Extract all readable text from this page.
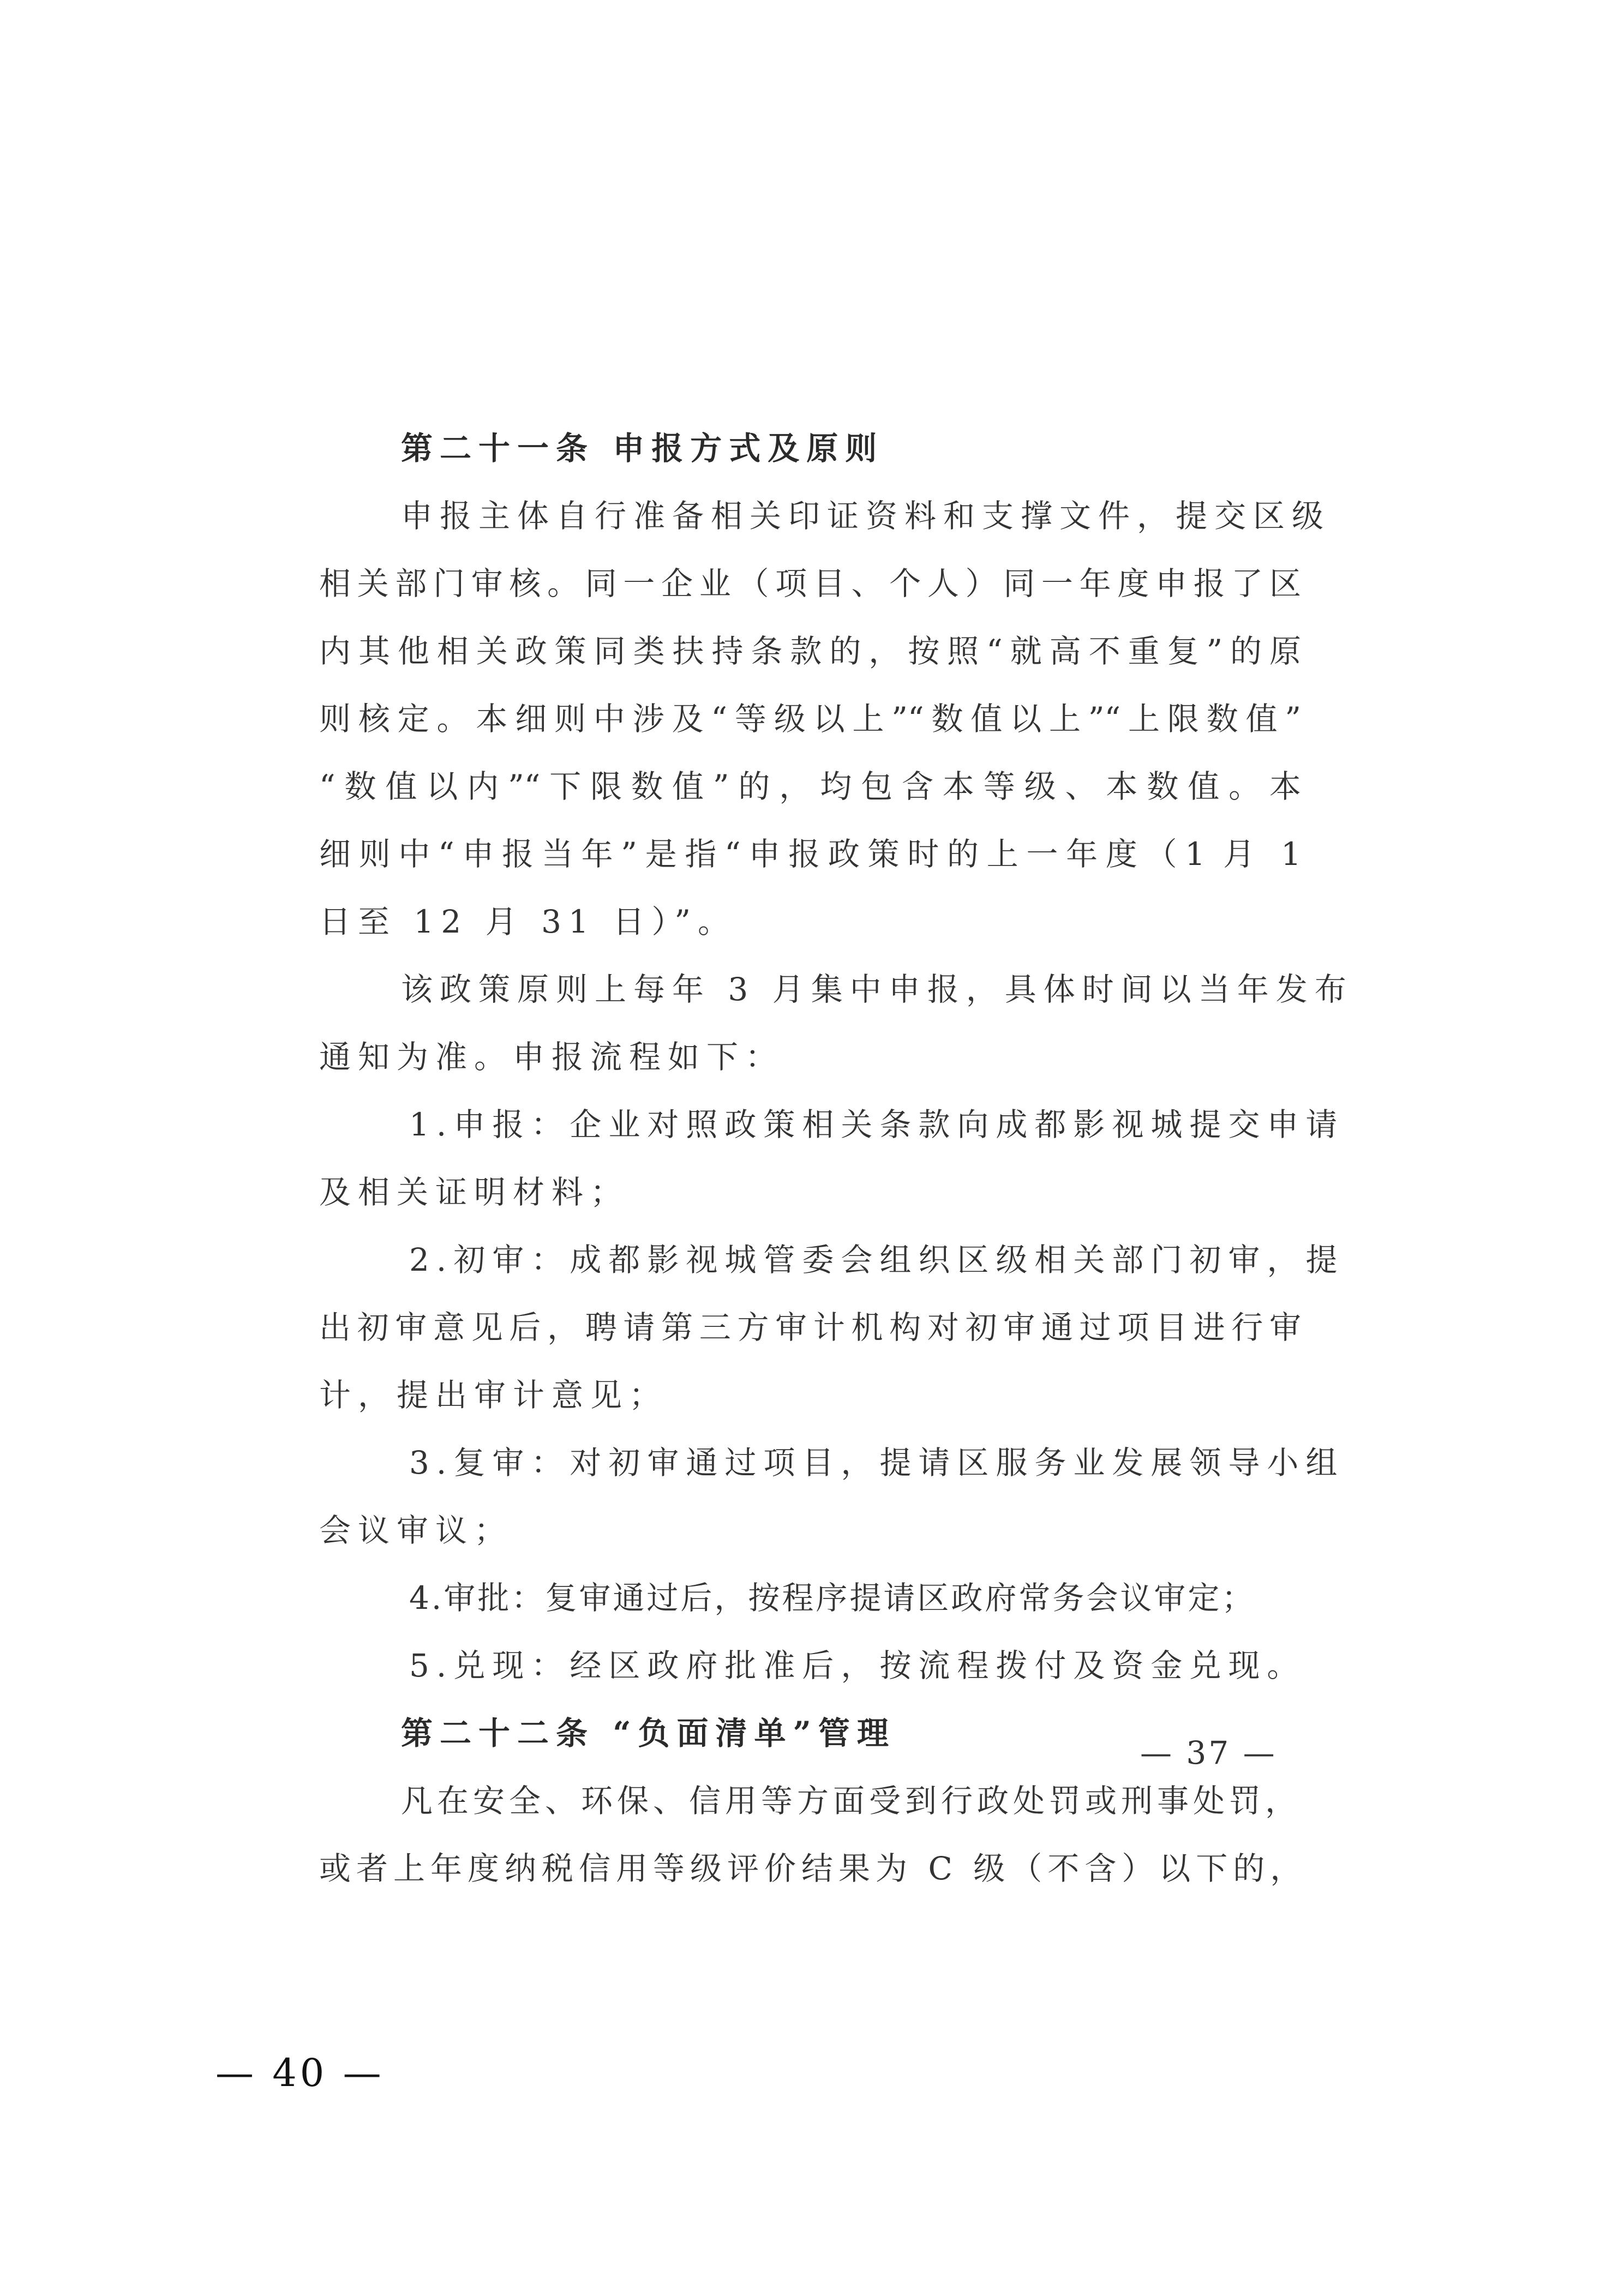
第二十一条 申报方式及原则
申报主体自行准备相关印证资料和支撑文件，提交区级
相关部门审核。同一企业（项目、个人）同一年度申报了区
内其他相关政策同类扶持条款的，按照“就高不重复”的原
则核定。本细则中涉及“等级以上”“数值以上”“上限数值”
“数值以内”“下限数值”的，均包含本等级、本数值。本
细则中“申报当年”是指“申报政策时的上一年度（1 月 1
日至 12 月 31 日）”。
该政策原则上每年 3 月集中申报，具体时间以当年发布
通知为准。申报流程如下：
1.申报：企业对照政策相关条款向成都影视城提交申请
及相关证明材料；
2.初审：成都影视城管委会组织区级相关部门初审，提
出初审意见后，聘请第三方审计机构对初审通过项目进行审
计，提出审计意见；
3.复审：对初审通过项目，提请区服务业发展领导小组
会议审议；
4.审批：复审通过后，按程序提请区政府常务会议审定；
5.兑现：经区政府批准后，按流程拨付及资金兑现。
第二十二条 “负面清单”管理
凡在安全、环保、信用等方面受到行政处罚或刑事处罚，
或者上年度纳税信用等级评价结果为 C 级（不含）以下的，
— 37 —
— 40 —
